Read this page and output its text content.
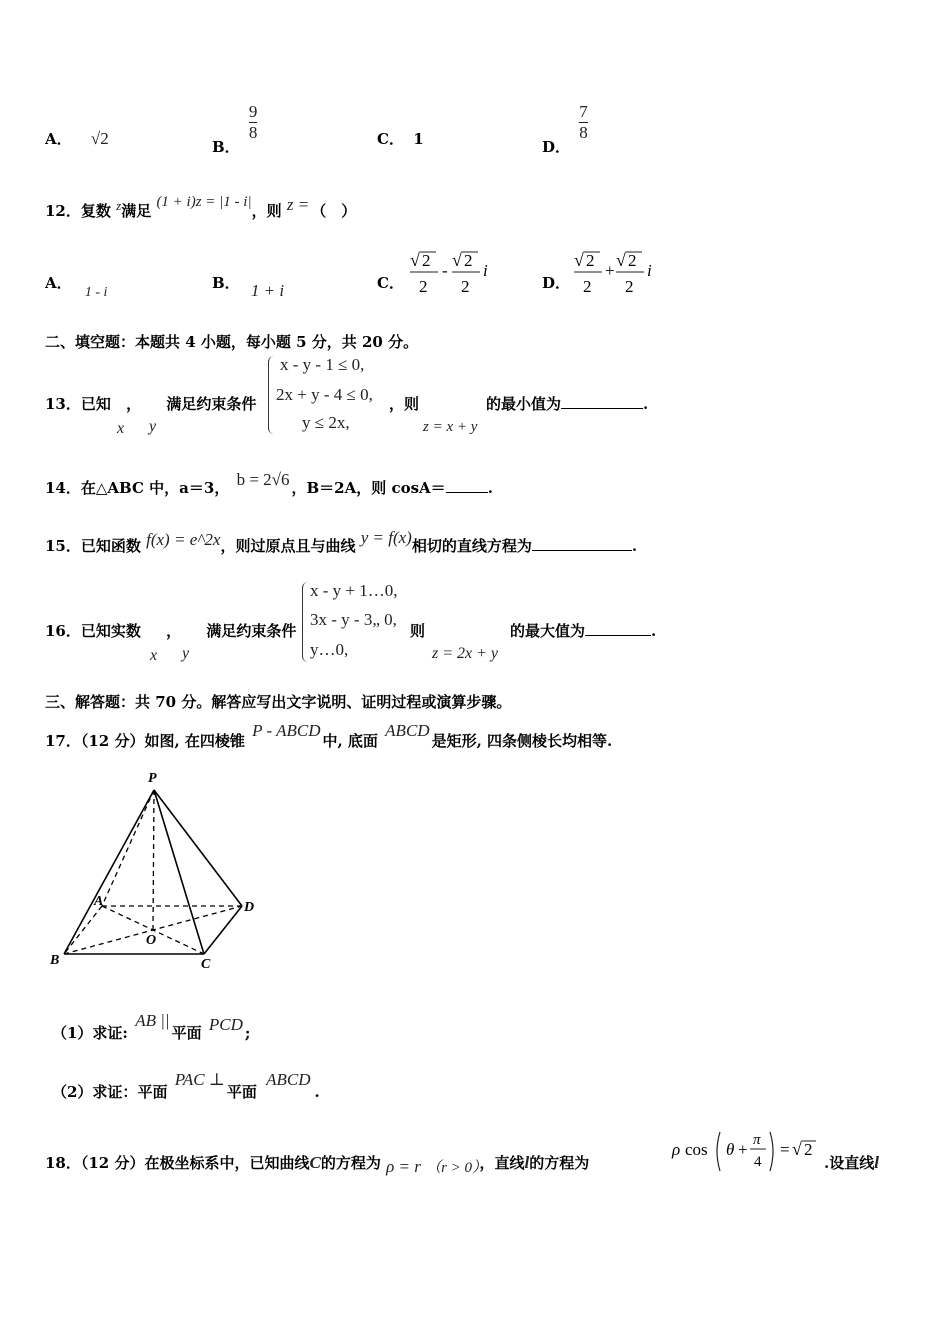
A． √2	B．
$\frac{9}{8}$	C． 1	D．
$\frac{7}{8}$
12．复数 z满足 (1 + i)z = |1 - i|，则 z = （　）
A． 1 - i
B． 1 + i	C．
√ 2
2
-
√ 2
2
i
D．
√ 2
2
+
√ 2
2
i
二、填空题：本题共 4 小题，每小题 5 分，共 20 分。
13．已知 ， 满足约束条件
x y
x - y - 1 ≤ 0,
2x + y - 4 ≤ 0,
y ≤ 2x,
，则
z = x + y
的最小值为	.
14．在△ABC 中，a＝3， b = 2√6 ，B＝2A，则 cosA＝	.
15．已知函数 f(x) = e^2x，则过原点且与曲线 y = f(x)相切的直线方程为	.
16．已知实数 ， 满足约束条件
x y
x - y + 1…0,
3x - y - 3„ 0,
y…0,
则
z = 2x + y
的最大值为	.
三、解答题：共 70 分。解答应写出文字说明、证明过程或演算步骤。
17．（12 分）如图, 在四棱锥 P - ABCD中, 底面 ABCD是矩形, 四条侧棱长均相等.
P
A
B	C
D
O
（1）求证: AB ||平面 PCD ;
（2）求证：平面 PAC ⊥平面 ABCD.
18．（12 分）在极坐标系中，已知曲线C的方程为 ρ = r （r > 0），直线l的方程为
ρ cos θ + π
4
= √ 2
.设直线l
